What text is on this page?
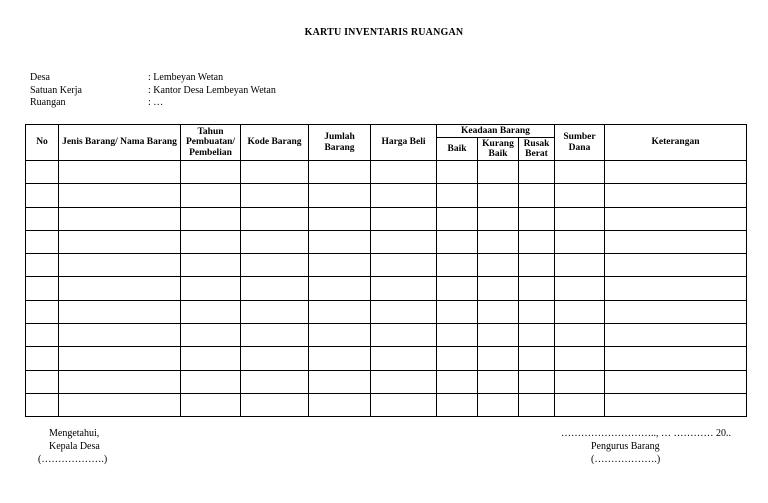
KARTU INVENTARIS RUANGAN
Desa	: Lembeyan Wetan
Satuan Kerja	: Kantor Desa Lembeyan Wetan
Ruangan	: …
No	Jenis Barang/ Nama Barang	Tahun Pembuatan/ Pembelian	Kode Barang	Jumlah Barang	Harga Beli	Keadaan Barang			Sumber Dana	Keterangan
						Baik	Kurang Baik	Rusak Berat		

Mengetahui,
Kepala Desa
(……………….)
……………………….., … ………… 20..
Pengurus Barang
(……………….)
